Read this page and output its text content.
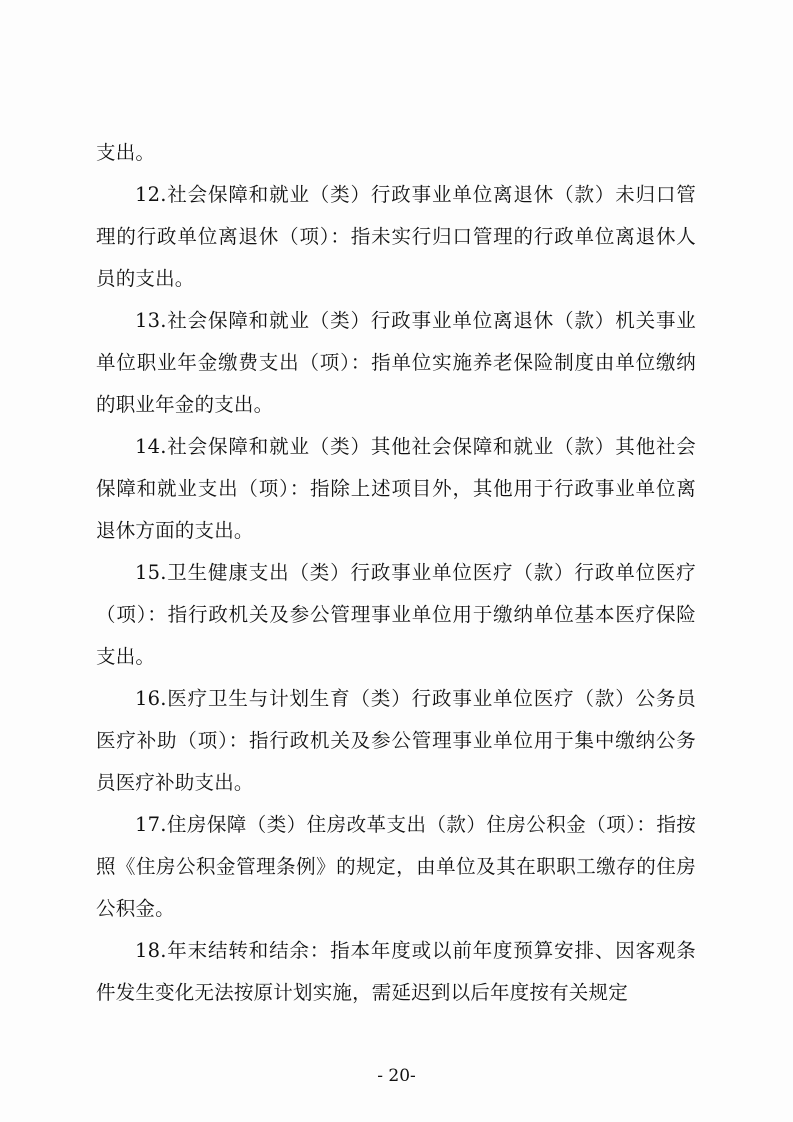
支出。

12.社会保障和就业（类）行政事业单位离退休（款）未归口管理的行政单位离退休（项）：指未实行归口管理的行政单位离退休人员的支出。

13.社会保障和就业（类）行政事业单位离退休（款）机关事业单位职业年金缴费支出（项）：指单位实施养老保险制度由单位缴纳的职业年金的支出。

14.社会保障和就业（类）其他社会保障和就业（款）其他社会保障和就业支出（项）：指除上述项目外，其他用于行政事业单位离退休方面的支出。

15.卫生健康支出（类）行政事业单位医疗（款）行政单位医疗（项）：指行政机关及参公管理事业单位用于缴纳单位基本医疗保险支出。

16.医疗卫生与计划生育（类）行政事业单位医疗（款）公务员医疗补助（项）：指行政机关及参公管理事业单位用于集中缴纳公务员医疗补助支出。

17.住房保障（类）住房改革支出（款）住房公积金（项）：指按照《住房公积金管理条例》的规定，由单位及其在职职工缴存的住房公积金。

18.年末结转和结余：指本年度或以前年度预算安排、因客观条件发生变化无法按原计划实施，需延迟到以后年度按有关规定

- 20-
